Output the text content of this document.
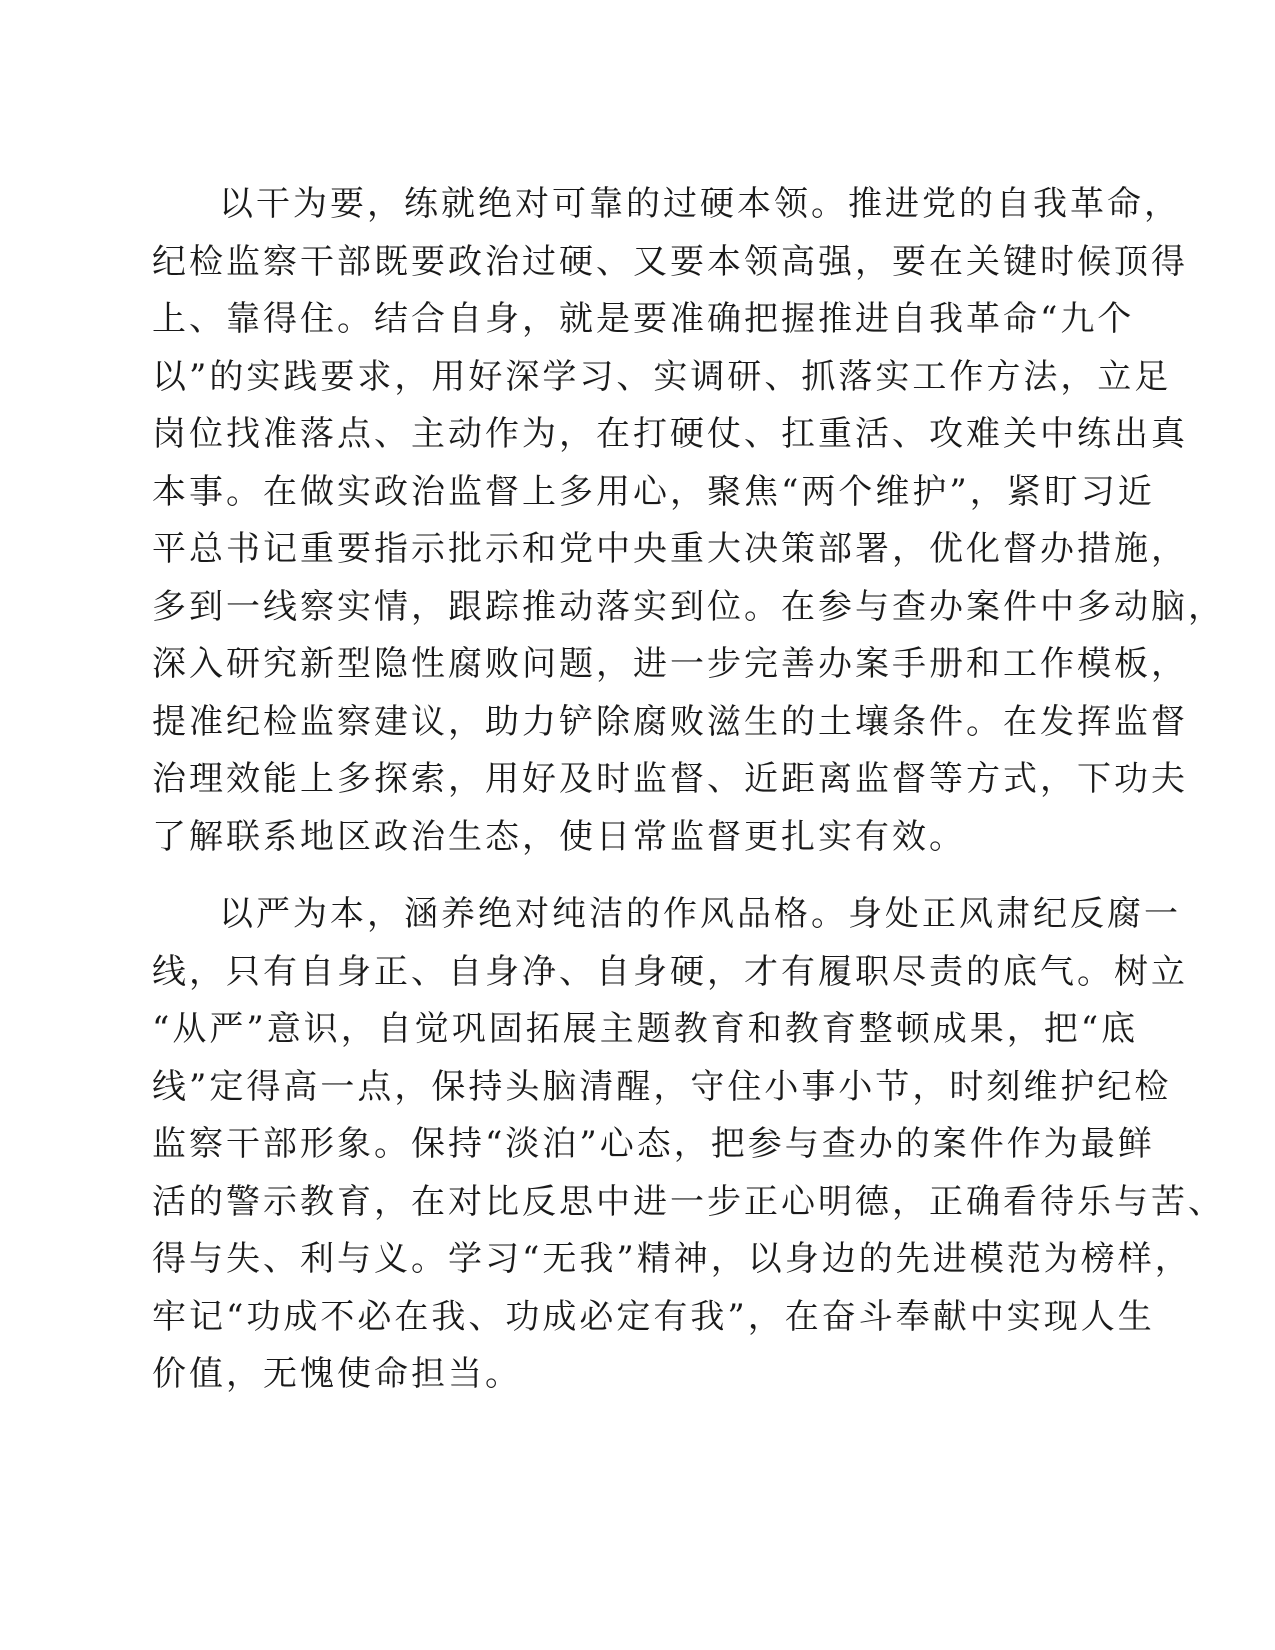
以干为要，练就绝对可靠的过硬本领。推进党的自我革命，
纪检监察干部既要政治过硬、又要本领高强，要在关键时候顶得
上、靠得住。结合自身，就是要准确把握推进自我革命“九个
以”的实践要求，用好深学习、实调研、抓落实工作方法，立足
岗位找准落点、主动作为，在打硬仗、扛重活、攻难关中练出真
本事。在做实政治监督上多用心，聚焦“两个维护”，紧盯习近
平总书记重要指示批示和党中央重大决策部署，优化督办措施，
多到一线察实情，跟踪推动落实到位。在参与查办案件中多动脑，
深入研究新型隐性腐败问题，进一步完善办案手册和工作模板，
提准纪检监察建议，助力铲除腐败滋生的土壤条件。在发挥监督
治理效能上多探索，用好及时监督、近距离监督等方式，下功夫
了解联系地区政治生态，使日常监督更扎实有效。

以严为本，涵养绝对纯洁的作风品格。身处正风肃纪反腐一
线，只有自身正、自身净、自身硬，才有履职尽责的底气。树立
“从严”意识，自觉巩固拓展主题教育和教育整顿成果，把“底
线”定得高一点，保持头脑清醒，守住小事小节，时刻维护纪检
监察干部形象。保持“淡泊”心态，把参与查办的案件作为最鲜
活的警示教育，在对比反思中进一步正心明德，正确看待乐与苦、
得与失、利与义。学习“无我”精神，以身边的先进模范为榜样，
牢记“功成不必在我、功成必定有我”，在奋斗奉献中实现人生
价值，无愧使命担当。
